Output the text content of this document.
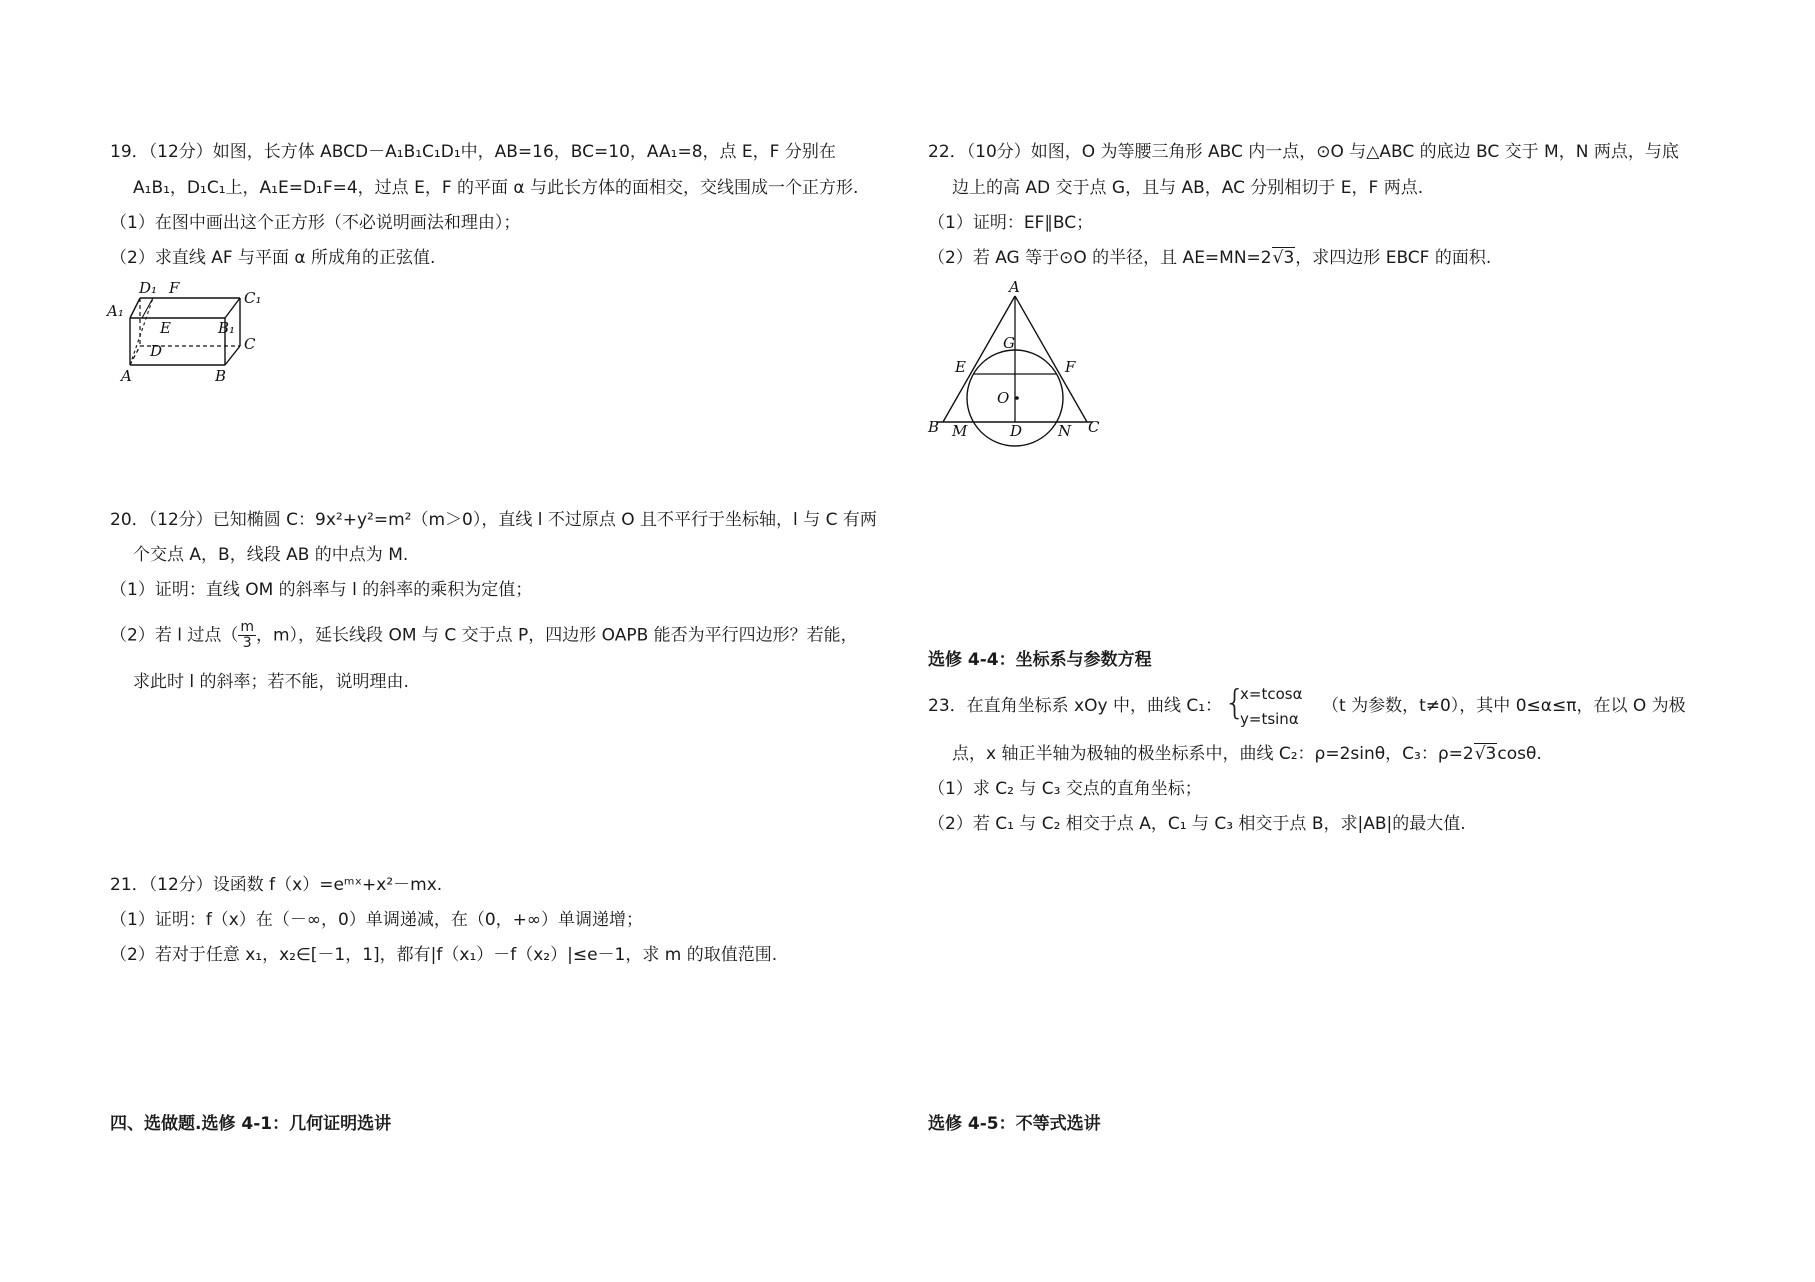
19．（12分）如图，长方体 ABCD－A₁B₁C₁D₁中，AB=16，BC=10，AA₁=8，点 E，F 分别在
A₁B₁，D₁C₁上，A₁E=D₁F=4，过点 E，F 的平面 α 与此长方体的面相交，交线围成一个正方形.
（1）在图中画出这个正方形（不必说明画法和理由）；
（2）求直线 AF 与平面 α 所成角的正弦值.
D₁ F
C₁
A₁
E	B₁
D	C
A	B
20．（12分）已知椭圆 C：9x²+y²=m²（m＞0），直线 l 不过原点 O 且不平行于坐标轴，l 与 C 有两
个交点 A，B，线段 AB 的中点为 M.
（1）证明：直线 OM 的斜率与 l 的斜率的乘积为定值；
（2）若 l 过点（ $\frac{m}{3}$ ，m），延长线段 OM 与 C 交于点 P，四边形 OAPB 能否为平行四边形？若能，
求此时 l 的斜率；若不能，说明理由.
21．（12分）设函数 f（x）=eᵐˣ+x²－mx.
（1）证明：f（x）在（－∞，0）单调递减，在（0，+∞）单调递增；
（2）若对于任意 x₁，x₂∈[－1，1]，都有|f（x₁）－f（x₂）|≤e－1，求 m 的取值范围.
四、选做题.选修 4-1：几何证明选讲
22．（10分）如图，O 为等腰三角形 ABC 内一点，⊙O 与△ABC 的底边 BC 交于 M，N 两点，与底
边上的高 AD 交于点 G，且与 AB，AC 分别相切于 E，F 两点.
（1）证明：EF∥BC；
（2）若 AG 等于⊙O 的半径，且 AE=MN=2√3，求四边形 EBCF 的面积.
A
G
E	F
O
B M	D N C
选修 4-4：坐标系与参数方程
23．在直角坐标系 xOy 中，曲线 C₁： {
x=tcosα
y=tsinα
（t 为参数，t≠0），其中 0≤α≤π，在以 O 为极
点，x 轴正半轴为极轴的极坐标系中，曲线 C₂：ρ=2sinθ，C₃：ρ=2√3cosθ.
（1）求 C₂ 与 C₃ 交点的直角坐标；
（2）若 C₁ 与 C₂ 相交于点 A，C₁ 与 C₃ 相交于点 B，求|AB|的最大值.
选修 4-5：不等式选讲
